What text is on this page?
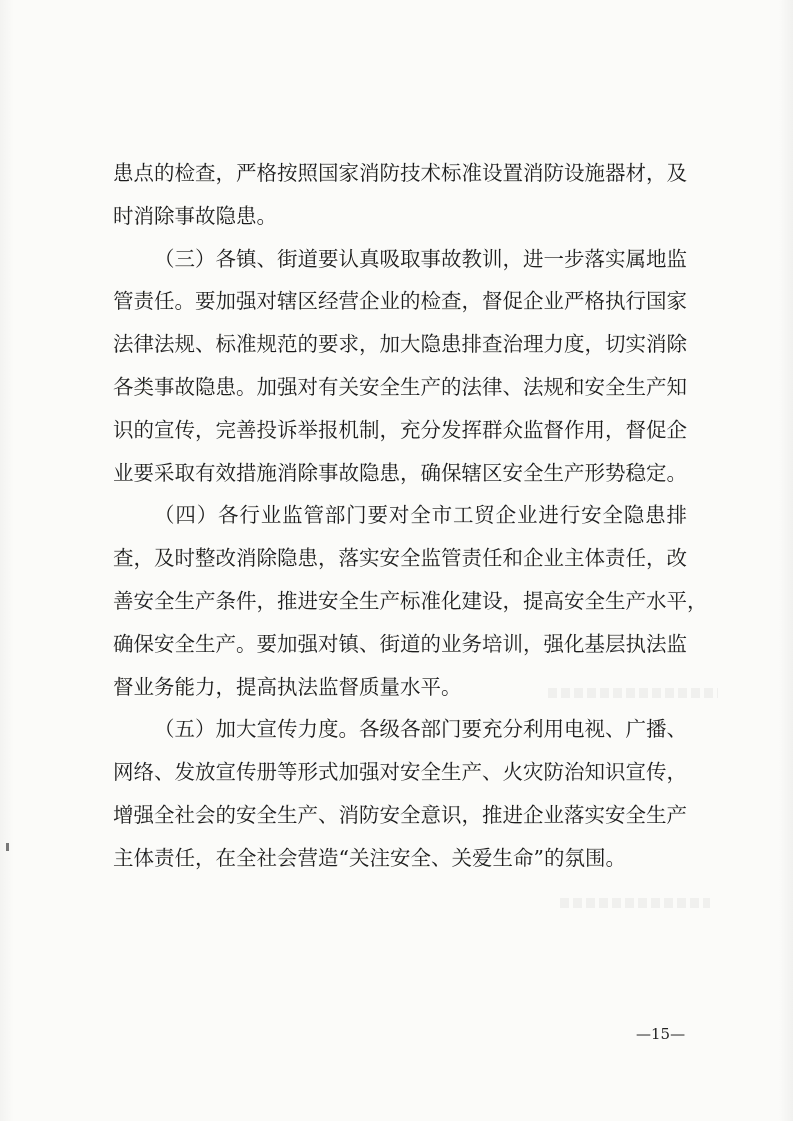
患点的检查，严格按照国家消防技术标准设置消防设施器材，及
时消除事故隐患。
（三）各镇、街道要认真吸取事故教训，进一步落实属地监
管责任。要加强对辖区经营企业的检查，督促企业严格执行国家
法律法规、标准规范的要求，加大隐患排查治理力度，切实消除
各类事故隐患。加强对有关安全生产的法律、法规和安全生产知
识的宣传，完善投诉举报机制，充分发挥群众监督作用，督促企
业要采取有效措施消除事故隐患，确保辖区安全生产形势稳定。
（四）各行业监管部门要对全市工贸企业进行安全隐患排
查，及时整改消除隐患，落实安全监管责任和企业主体责任，改
善安全生产条件，推进安全生产标准化建设，提高安全生产水平，
确保安全生产。要加强对镇、街道的业务培训，强化基层执法监
督业务能力，提高执法监督质量水平。
（五）加大宣传力度。各级各部门要充分利用电视、广播、
网络、发放宣传册等形式加强对安全生产、火灾防治知识宣传，
增强全社会的安全生产、消防安全意识，推进企业落实安全生产
主体责任，在全社会营造“关注安全、关爱生命”的氛围。
—15—
